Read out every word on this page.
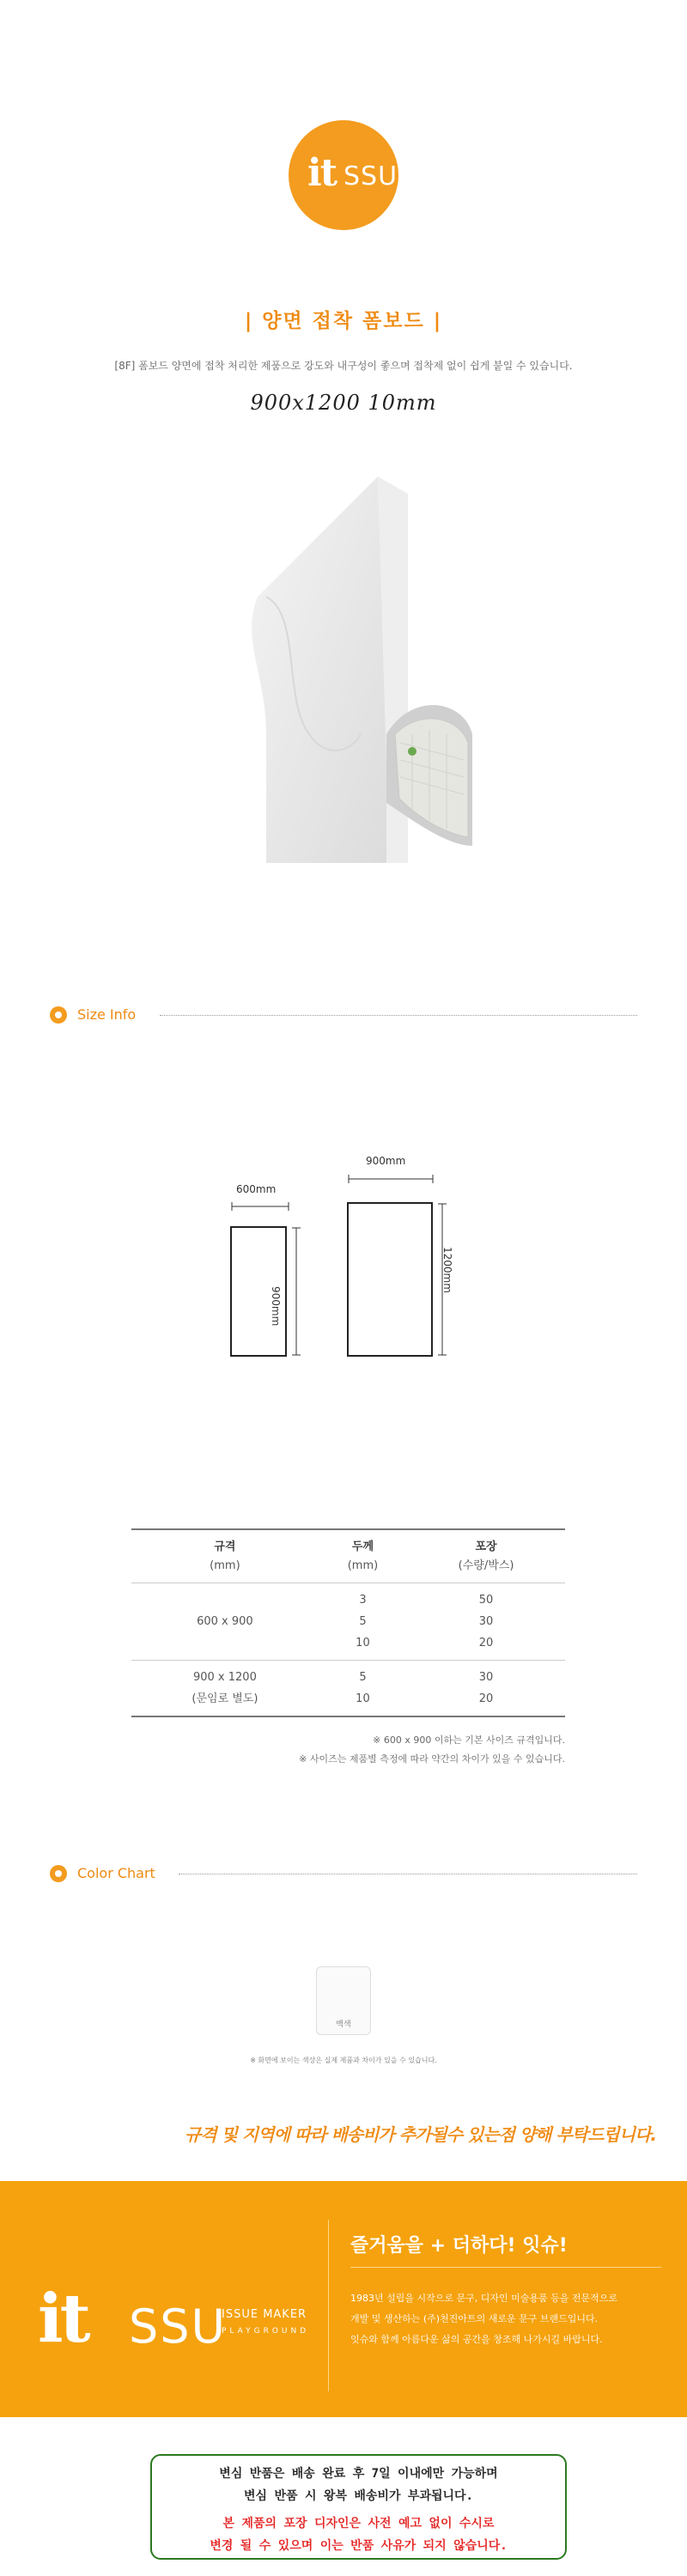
it SSU
| 양면 접착 폼보드 |
[8F] 폼보드 양면에 접착 처리한 제품으로 강도와 내구성이 좋으며 접착제 없이 쉽게 붙일 수 있습니다.
900x1200 10mm
Size Info
600mm
900mm
900mm
1200mm
규격	두께	포장
(mm)	(mm)	(수량/박스)
600 x 900	3	50
	5	30
	10	20
900 x 1200	5	30
(문임로 별도)	10	20
※ 600 x 900 이하는 기본 사이즈 규격입니다.
※ 사이즈는 제품별 측정에 따라 약간의 차이가 있을 수 있습니다.
Color Chart
백색
※ 화면에 보이는 색상은 실제 제품과 차이가 있을 수 있습니다.
규격 및 지역에 따라 배송비가 추가될수 있는점 양해 부탁드립니다.
it SSU
ISSUE MAKER
PLAYGROUND
즐거움을 + 더하다! 잇슈!
1983년 설립을 시작으로 문구, 디자인 미술용품 등을 전문적으로
개발 및 생산하는 (주)천진아트의 새로운 문구 브랜드입니다.
잇슈와 함께 아름다운 삶의 공간을 창조해 나가시길 바랍니다.
변심 반품은 배송 완료 후 7일 이내에만 가능하며
변심 반품 시 왕복 배송비가 부과됩니다.
본 제품의 포장 디자인은 사전 예고 없이 수시로
변경 될 수 있으며 이는 반품 사유가 되지 않습니다.
